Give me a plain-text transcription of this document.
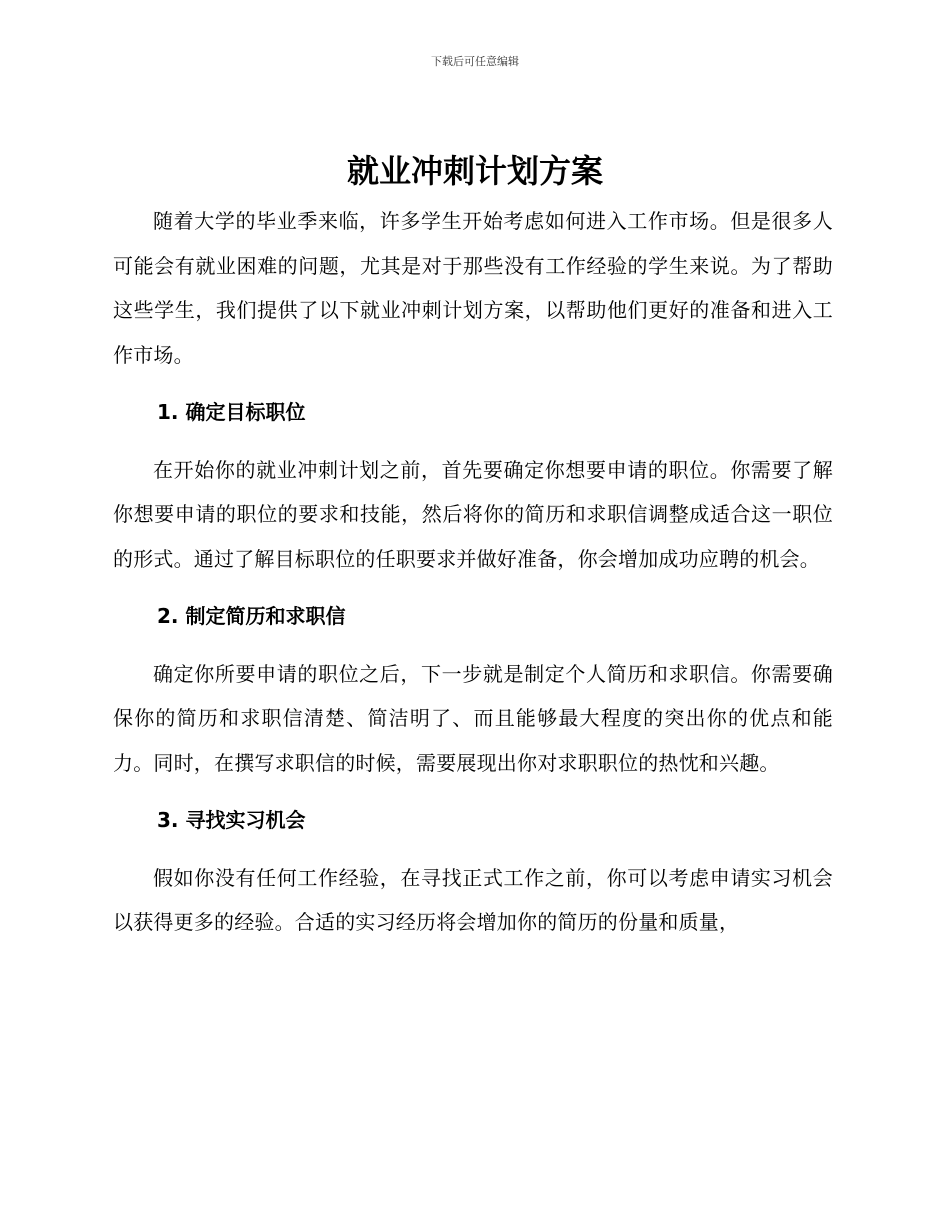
下载后可任意编辑
就业冲刺计划方案

随着大学的毕业季来临，许多学生开始考虑如何进入工作市场。但是很多人可能会有就业困难的问题，尤其是对于那些没有工作经验的学生来说。为了帮助这些学生，我们提供了以下就业冲刺计划方案，以帮助他们更好的准备和进入工作市场。

1. 确定目标职位

在开始你的就业冲刺计划之前，首先要确定你想要申请的职位。你需要了解你想要申请的职位的要求和技能，然后将你的简历和求职信调整成适合这一职位的形式。通过了解目标职位的任职要求并做好准备，你会增加成功应聘的机会。

2. 制定简历和求职信

确定你所要申请的职位之后，下一步就是制定个人简历和求职信。你需要确保你的简历和求职信清楚、简洁明了、而且能够最大程度的突出你的优点和能力。同时，在撰写求职信的时候，需要展现出你对求职职位的热忱和兴趣。

3. 寻找实习机会

假如你没有任何工作经验，在寻找正式工作之前，你可以考虑申请实习机会以获得更多的经验。合适的实习经历将会增加你的简历的份量和质量，
